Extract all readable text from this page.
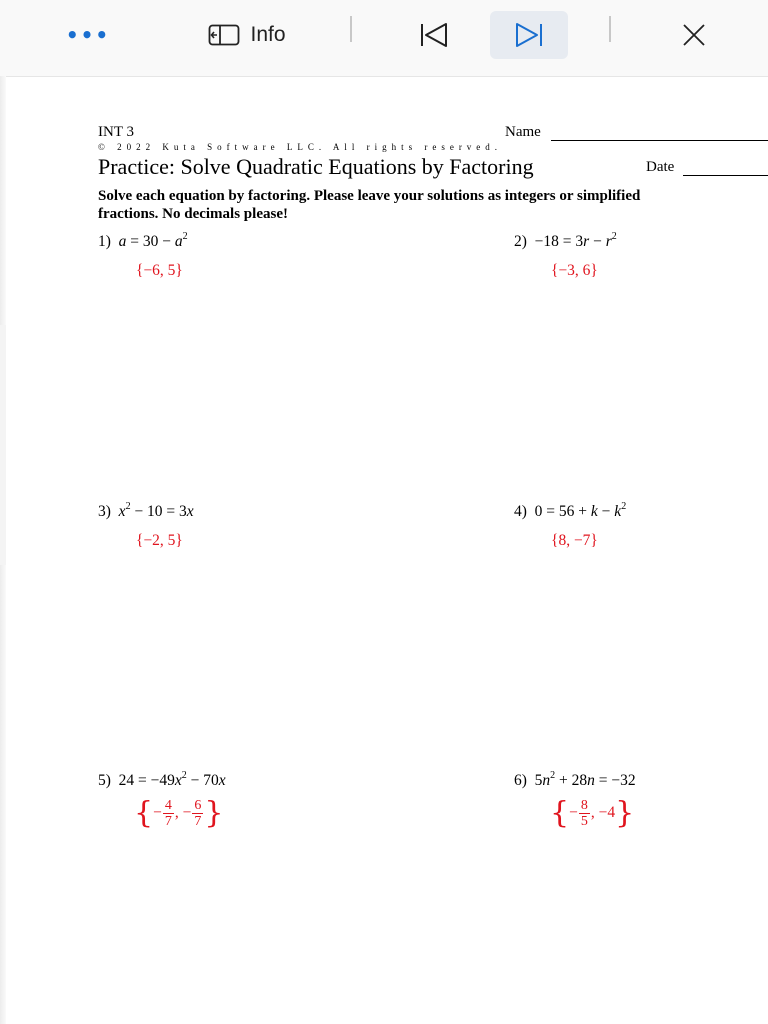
•••	Info
INT 3
© 2022 Kuta Software LLC. All rights reserved.
Name
Practice: Solve Quadratic Equations by Factoring	Date
Solve each equation by factoring. Please leave your solutions as integers or simplified
fractions. No decimals please!
1) $a = 30 - a^2$
{−6, 5}
$2) -18 = 3r - r^2$
{−3, 6}
3) $x^2 - 10 = 3x$
{−2, 5}
4)  $0 = 56 + k - k^2$
{8, −7}
5)  $24 = -49x^2 - 70x$
{− $\frac{4}{7}$ , − $\frac{6}{7}$ }
6)  $5n^2 + 28n = -32$
{− $\frac{8}{5}$ , −4}
